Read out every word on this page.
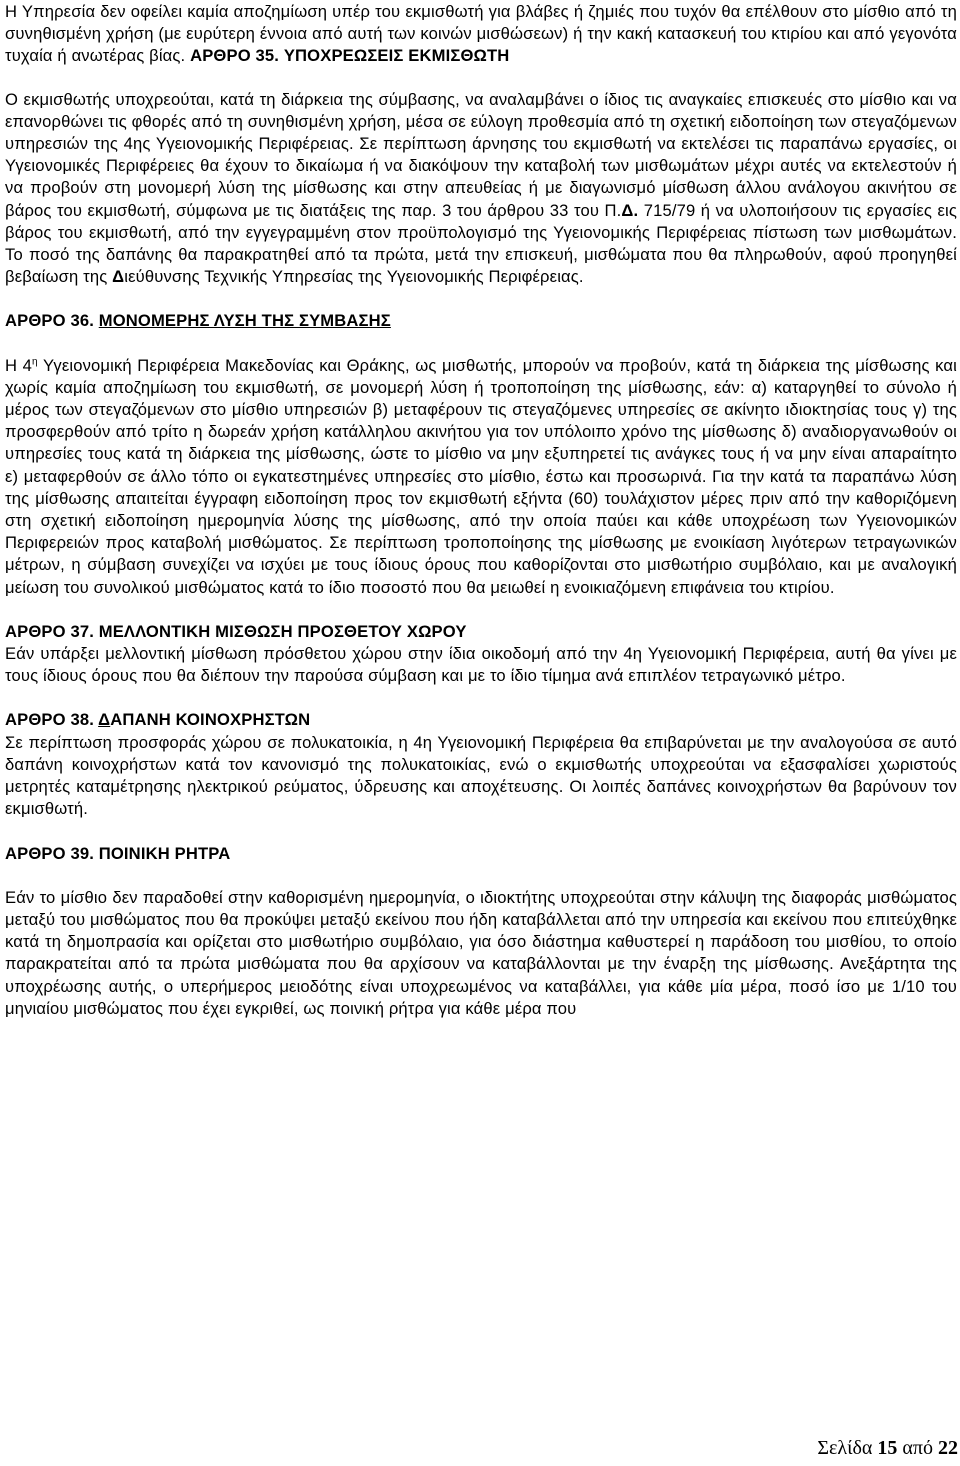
Η Υπηρεσία δεν οφείλει καμία αποζημίωση υπέρ του εκμισθωτή για βλάβες ή ζημιές που τυχόν θα επέλθουν στο μίσθιο από τη συνηθισμένη χρήση (με ευρύτερη έννοια από αυτή των κοινών μισθώσεων) ή την κακή κατασκευή του κτιρίου και από γεγονότα τυχαία ή ανωτέρας βίας. ΑΡΘΡΟ 35. ΥΠΟΧΡΕΩΣΕΙΣ ΕΚΜΙΣΘΩΤΗ

Ο εκμισθωτής υποχρεούται, κατά τη διάρκεια της σύμβασης, να αναλαμβάνει ο ίδιος τις αναγκαίες επισκευές στο μίσθιο και να επανορθώνει τις φθορές από τη συνηθισμένη χρήση, μέσα σε εύλογη προθεσμία από τη σχετική ειδοποίηση των στεγαζόμενων υπηρεσιών της 4ης Υγειονομικής Περιφέρειας. Σε περίπτωση άρνησης του εκμισθωτή να εκτελέσει τις παραπάνω εργασίες, οι Υγειονομικές Περιφέρειες θα έχουν το δικαίωμα ή να διακόψουν την καταβολή των μισθωμάτων μέχρι αυτές να εκτελεστούν ή να προβούν στη μονομερή λύση της μίσθωσης και στην απευθείας ή με διαγωνισμό μίσθωση άλλου ανάλογου ακινήτου σε βάρος του εκμισθωτή, σύμφωνα με τις διατάξεις της παρ. 3 του άρθρου 33 του Π.Δ. 715/79 ή να υλοποιήσουν τις εργασίες εις βάρος του εκμισθωτή, από την εγγεγραμμένη στον προϋπολογισμό της Υγειονομικής Περιφέρειας πίστωση των μισθωμάτων. Το ποσό της δαπάνης θα παρακρατηθεί από τα πρώτα, μετά την επισκευή, μισθώματα που θα πληρωθούν, αφού προηγηθεί βεβαίωση της Διεύθυνσης Τεχνικής Υπηρεσίας της Υγειονομικής Περιφέρειας.

ΑΡΘΡΟ 36. ΜΟΝΟΜΕΡΗΣ ΛΥΣΗ ΤΗΣ ΣΥΜΒΑΣΗΣ

Η $4^\eta$ Υγειονομική Περιφέρεια Μακεδονίας και Θράκης, ως μισθωτής, μπορούν να προβούν, κατά τη διάρκεια της μίσθωσης και χωρίς καμία αποζημίωση του εκμισθωτή, σε μονομερή λύση ή τροποποίηση της μίσθωσης, εάν: α) καταργηθεί το σύνολο ή μέρος των στεγαζόμενων στο μίσθιο υπηρεσιών β) μεταφέρουν τις στεγαζόμενες υπηρεσίες σε ακίνητο ιδιοκτησίας τους γ) της προσφερθούν από τρίτο η δωρεάν χρήση κατάλληλου ακινήτου για τον υπόλοιπο χρόνο της μίσθωσης δ) αναδιοργανωθούν οι υπηρεσίες τους κατά τη διάρκεια της μίσθωσης, ώστε το μίσθιο να μην εξυπηρετεί τις ανάγκες τους ή να μην είναι απαραίτητο ε) μεταφερθούν σε άλλο τόπο οι εγκατεστημένες υπηρεσίες στο μίσθιο, έστω και προσωρινά. Για την κατά τα παραπάνω λύση της μίσθωσης απαιτείται έγγραφη ειδοποίηση προς τον εκμισθωτή εξήντα (60) τουλάχιστον μέρες πριν από την καθοριζόμενη στη σχετική ειδοποίηση ημερομηνία λύσης της μίσθωσης, από την οποία παύει και κάθε υποχρέωση των Υγειονομικών Περιφερειών προς καταβολή μισθώματος. Σε περίπτωση τροποποίησης της μίσθωσης με ενοικίαση λιγότερων τετραγωνικών μέτρων, η σύμβαση συνεχίζει να ισχύει με τους ίδιους όρους που καθορίζονται στο μισθωτήριο συμβόλαιο, και με αναλογική μείωση του συνολικού μισθώματος κατά το ίδιο ποσοστό που θα μειωθεί η ενοικιαζόμενη επιφάνεια του κτιρίου.

ΑΡΘΡΟ 37. ΜΕΛΛΟΝΤΙΚΗ ΜΙΣΘΩΣΗ ΠΡΟΣΘΕΤΟΥ ΧΩΡΟΥ

Εάν υπάρξει μελλοντική μίσθωση πρόσθετου χώρου στην ίδια οικοδομή από την 4η Υγειονομική Περιφέρεια, αυτή θα γίνει με τους ίδιους όρους που θα διέπουν την παρούσα σύμβαση και με το ίδιο τίμημα ανά επιπλέον τετραγωνικό μέτρο.

ΑΡΘΡΟ 38. ΔΑΠΑΝΗ ΚΟΙΝΟΧΡΗΣΤΩΝ

Σε περίπτωση προσφοράς χώρου σε πολυκατοικία, η 4η Υγειονομική Περιφέρεια θα επιβαρύνεται με την αναλογούσα σε αυτό δαπάνη κοινοχρήστων κατά τον κανονισμό της πολυκατοικίας, ενώ ο εκμισθωτής υποχρεούται να εξασφαλίσει χωριστούς μετρητές καταμέτρησης ηλεκτρικού ρεύματος, ύδρευσης και αποχέτευσης. Οι λοιπές δαπάνες κοινοχρήστων θα βαρύνουν τον εκμισθωτή.

ΑΡΘΡΟ 39. ΠΟΙΝΙΚΗ ΡΗΤΡΑ

Εάν το μίσθιο δεν παραδοθεί στην καθορισμένη ημερομηνία, ο ιδιοκτήτης υποχρεούται στην κάλυψη της διαφοράς μισθώματος μεταξύ του μισθώματος που θα προκύψει μεταξύ εκείνου που ήδη καταβάλλεται από την υπηρεσία και εκείνου που επιτεύχθηκε κατά τη δημοπρασία και ορίζεται στο μισθωτήριο συμβόλαιο, για όσο διάστημα καθυστερεί η παράδοση του μισθίου, το οποίο παρακρατείται από τα πρώτα μισθώματα που θα αρχίσουν να καταβάλλονται με την έναρξη της μίσθωσης. Ανεξάρτητα της υποχρέωσης αυτής, ο υπερήμερος μειοδότης είναι υποχρεωμένος να καταβάλλει, για κάθε μία μέρα, ποσό ίσο με 1/10 του μηνιαίου μισθώματος που έχει εγκριθεί, ως ποινική ρήτρα για κάθε μέρα που

Σελίδα 15 από 22
